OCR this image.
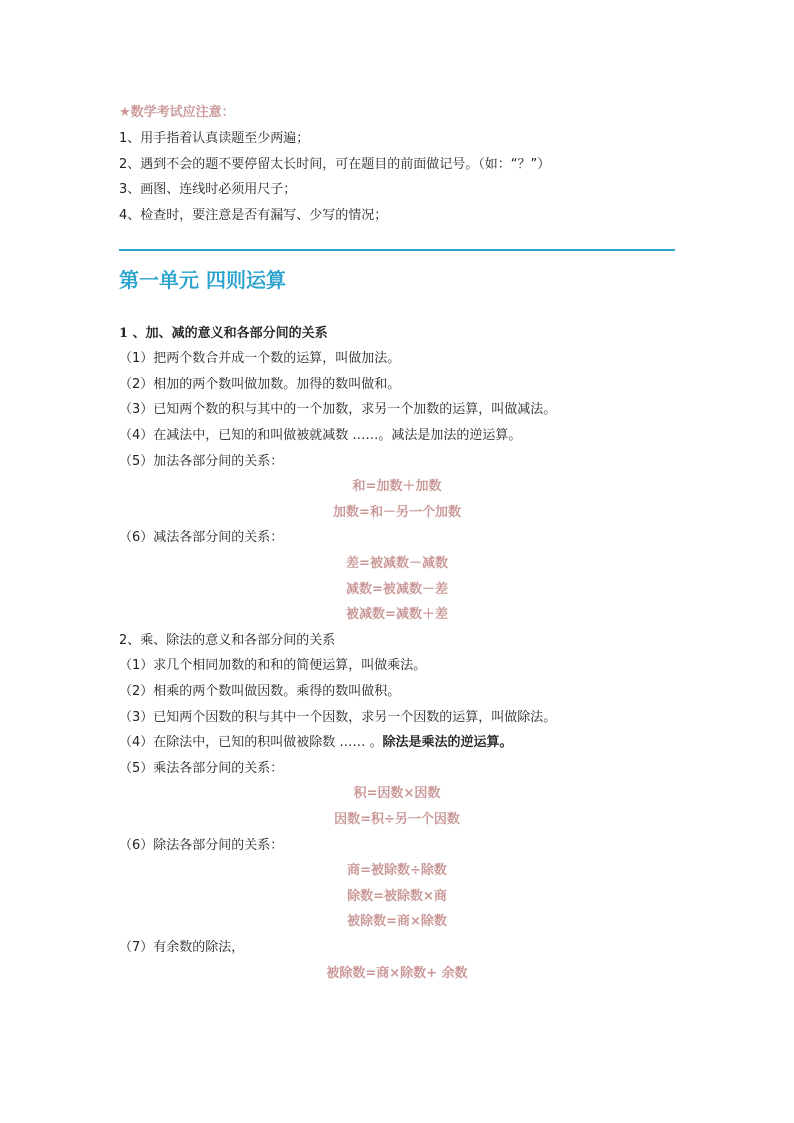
★数学考试应注意：
1、用手指着认真读题至少两遍；
2、遇到不会的题不要停留太长时间，可在题目的前面做记号。（如：“？”）
3、画图、连线时必须用尺子；
4、检查时，要注意是否有漏写、少写的情况；
第一单元 四则运算
1 、加、减的意义和各部分间的关系
（1）把两个数合并成一个数的运算，叫做加法。
（2）相加的两个数叫做加数。加得的数叫做和。
（3）已知两个数的积与其中的一个加数，求另一个加数的运算，叫做减法。
（4）在减法中，已知的和叫做被就减数 ……。减法是加法的逆运算。
（5）加法各部分间的关系：
和=加数＋加数
加数=和－另一个加数
（6）减法各部分间的关系：
差=被减数－减数
减数=被减数－差
被减数=减数＋差
2、乘、除法的意义和各部分间的关系
（1）求几个相同加数的和和的简便运算，叫做乘法。
（2）相乘的两个数叫做因数。乘得的数叫做积。
（3）已知两个因数的积与其中一个因数，求另一个因数的运算，叫做除法。
（4）在除法中，已知的积叫做被除数 …… 。除法是乘法的逆运算。
（5）乘法各部分间的关系：
积=因数×因数
因数=积÷另一个因数
（6）除法各部分间的关系：
商=被除数÷除数
除数=被除数×商
被除数=商×除数
（7）有余数的除法，
被除数=商×除数+ 余数
